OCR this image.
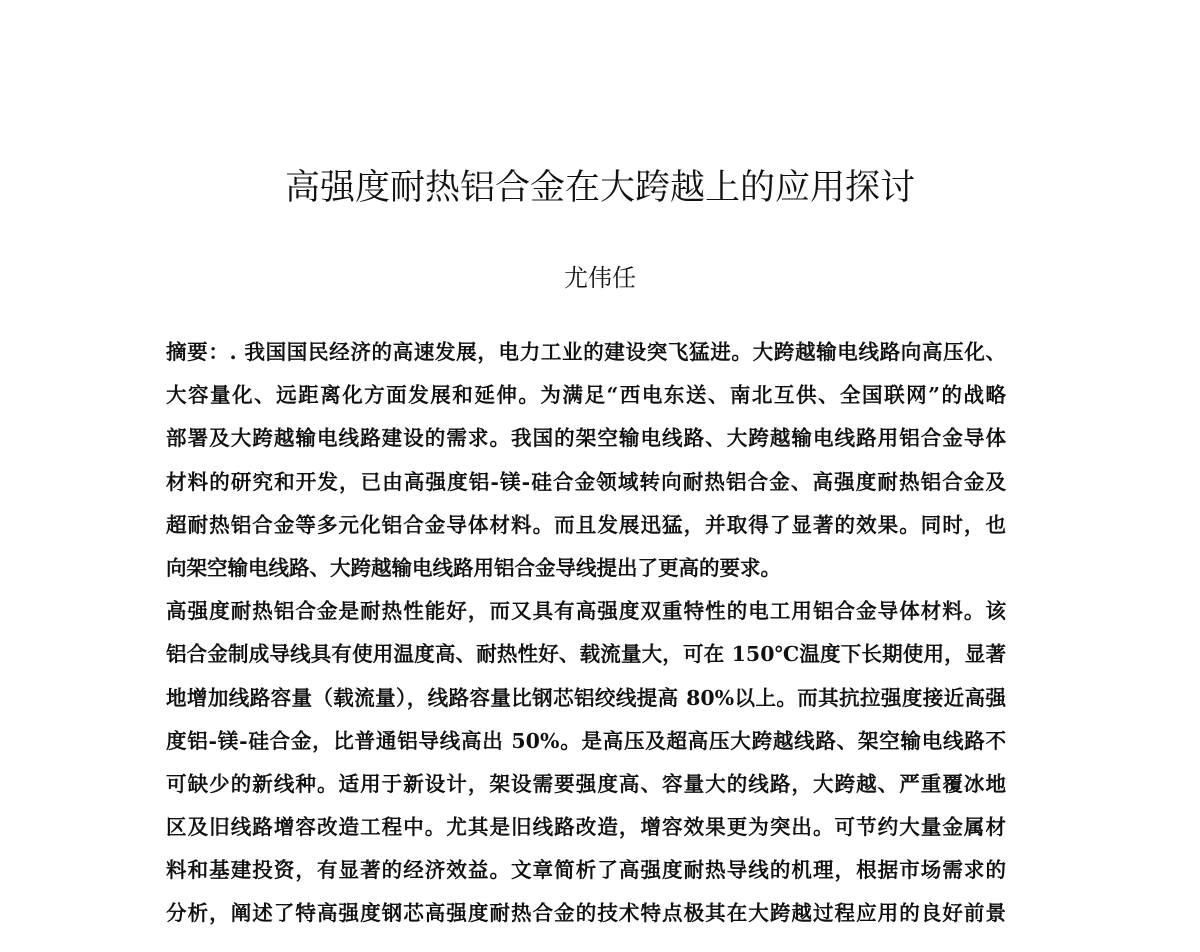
高强度耐热铝合金在大跨越上的应用探讨
尤伟任
摘要：. 我国国民经济的高速发展，电力工业的建设突飞猛进。大跨越输电线路向高压化、
大容量化、远距离化方面发展和延伸。为满足“西电东送、南北互供、全国联网”的战略
部署及大跨越输电线路建设的需求。我国的架空输电线路、大跨越输电线路用铝合金导体
材料的研究和开发，已由高强度铝-镁-硅合金领域转向耐热铝合金、高强度耐热铝合金及
超耐热铝合金等多元化铝合金导体材料。而且发展迅猛，并取得了显著的效果。同时，也
向架空输电线路、大跨越输电线路用铝合金导线提出了更高的要求。
高强度耐热铝合金是耐热性能好，而又具有高强度双重特性的电工用铝合金导体材料。该
铝合金制成导线具有使用温度高、耐热性好、载流量大，可在 150℃温度下长期使用，显著
地增加线路容量（载流量），线路容量比钢芯铝绞线提高 80%以上。而其抗拉强度接近高强
度铝-镁-硅合金，比普通铝导线高出 50%。是高压及超高压大跨越线路、架空输电线路不
可缺少的新线种。适用于新设计，架设需要强度高、容量大的线路，大跨越、严重覆冰地
区及旧线路增容改造工程中。尤其是旧线路改造，增容效果更为突出。可节约大量金属材
料和基建投资，有显著的经济效益。文章简析了高强度耐热导线的机理，根据市场需求的
分析，阐述了特高强度钢芯高强度耐热合金的技术特点极其在大跨越过程应用的良好前景
